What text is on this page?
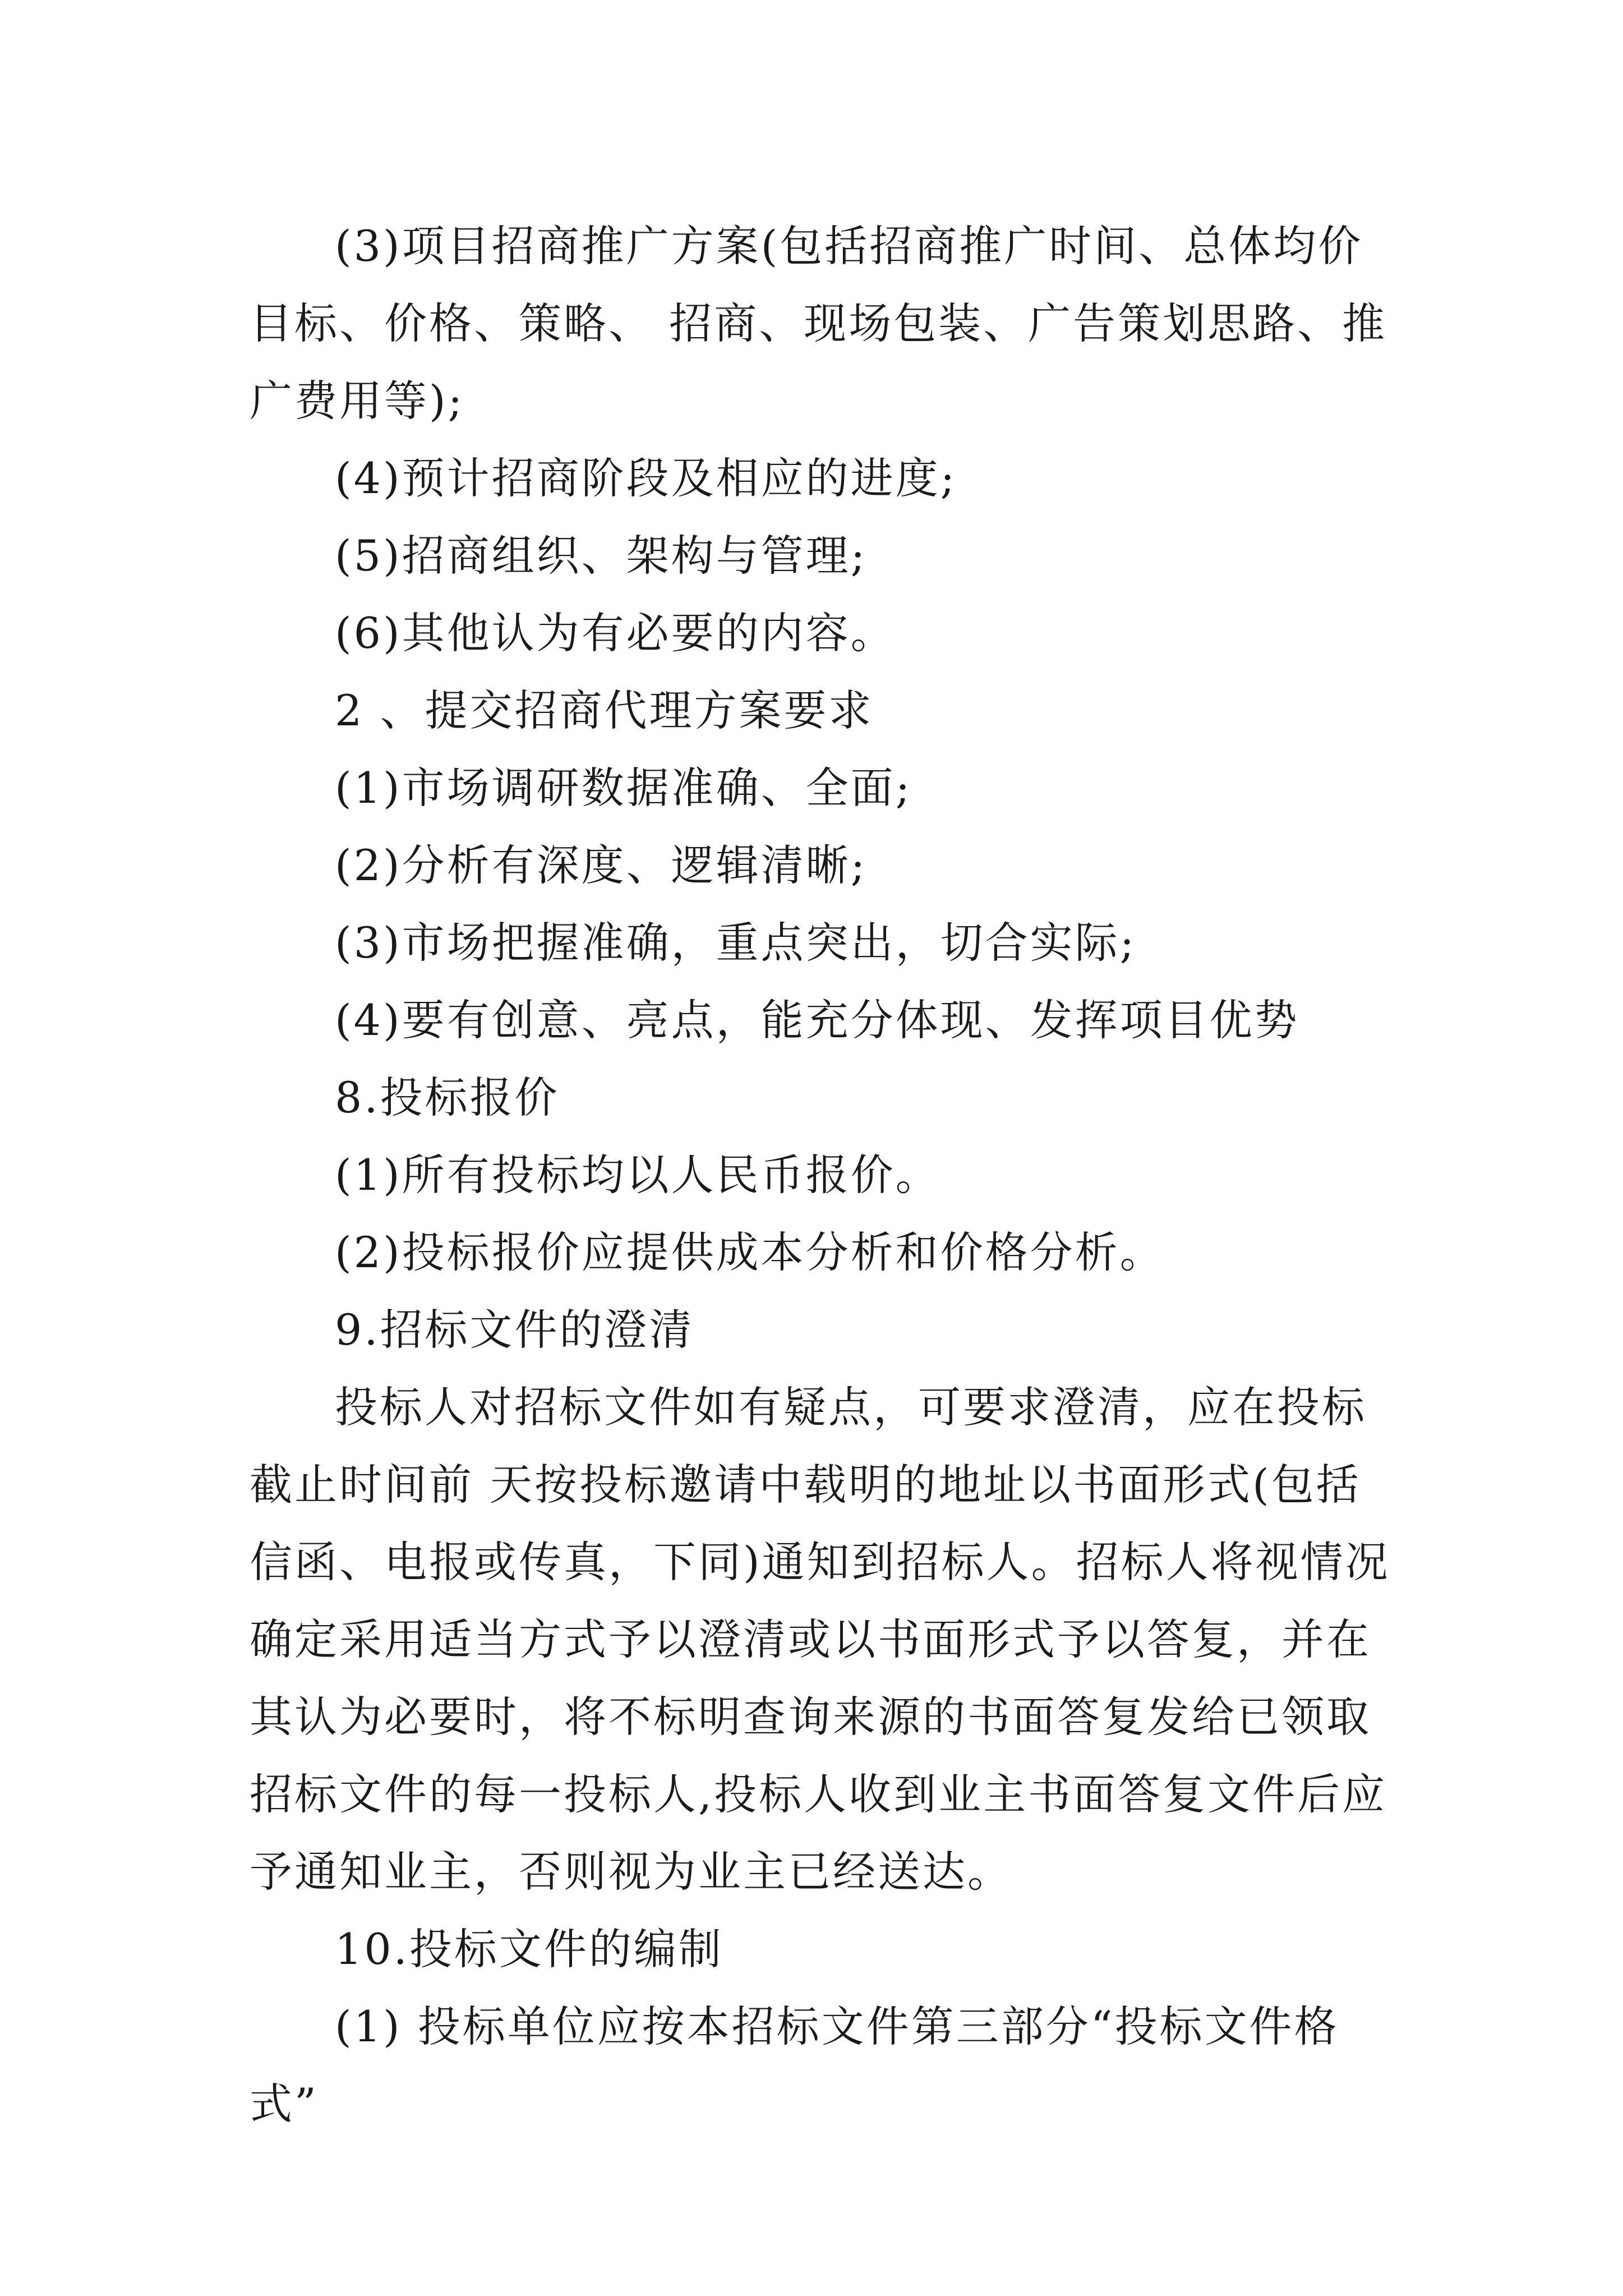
(3)项目招商推广方案(包括招商推广时间、总体均价目标、价格、策略、 招商、现场包装、广告策划思路、推广费用等);

(4)预计招商阶段及相应的进度;

(5)招商组织、架构与管理;

(6)其他认为有必要的内容。

2 、提交招商代理方案要求

(1)市场调研数据准确、全面;

(2)分析有深度、逻辑清晰;

(3)市场把握准确，重点突出，切合实际;

(4)要有创意、亮点，能充分体现、发挥项目优势

8.投标报价

(1)所有投标均以人民币报价。

(2)投标报价应提供成本分析和价格分析。

9.招标文件的澄清

投标人对招标文件如有疑点，可要求澄清，应在投标截止时间前 天按投标邀请中载明的地址以书面形式(包括信函、电报或传真，下同)通知到招标人。招标人将视情况确定采用适当方式予以澄清或以书面形式予以答复，并在其认为必要时，将不标明查询来源的书面答复发给已领取招标文件的每一投标人,投标人收到业主书面答复文件后应予通知业主，否则视为业主已经送达。

10.投标文件的编制

(1) 投标单位应按本招标文件第三部分“投标文件格式”
